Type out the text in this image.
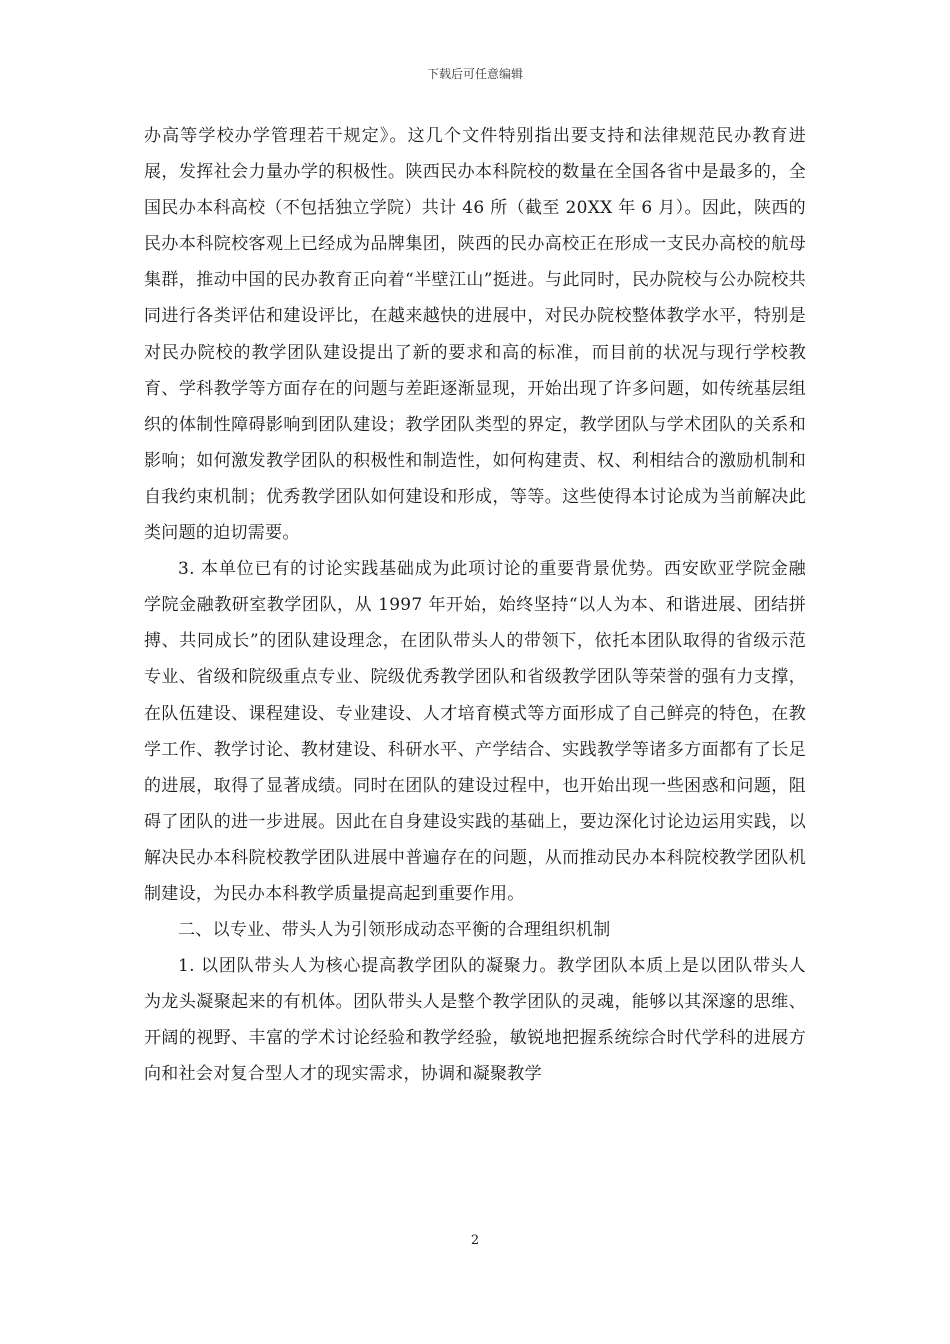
下载后可任意编辑

办高等学校办学管理若干规定》。这几个文件特别指出要支持和法律规范民办教育进展，发挥社会力量办学的积极性。陕西民办本科院校的数量在全国各省中是最多的，全国民办本科高校（不包括独立学院）共计 46 所（截至 20XX 年 6 月）。因此，陕西的民办本科院校客观上已经成为品牌集团，陕西的民办高校正在形成一支民办高校的航母集群，推动中国的民办教育正向着“半壁江山”挺进。与此同时，民办院校与公办院校共同进行各类评估和建设评比，在越来越快的进展中，对民办院校整体教学水平，特别是对民办院校的教学团队建设提出了新的要求和高的标准，而目前的状况与现行学校教育、学科教学等方面存在的问题与差距逐渐显现，开始出现了许多问题，如传统基层组织的体制性障碍影响到团队建设；教学团队类型的界定，教学团队与学术团队的关系和影响；如何激发教学团队的积极性和制造性，如何构建责、权、利相结合的激励机制和自我约束机制；优秀教学团队如何建设和形成，等等。这些使得本讨论成为当前解决此类问题的迫切需要。

3. 本单位已有的讨论实践基础成为此项讨论的重要背景优势。西安欧亚学院金融学院金融教研室教学团队，从 1997 年开始，始终坚持“以人为本、和谐进展、团结拼搏、共同成长”的团队建设理念，在团队带头人的带领下，依托本团队取得的省级示范专业、省级和院级重点专业、院级优秀教学团队和省级教学团队等荣誉的强有力支撑，在队伍建设、课程建设、专业建设、人才培育模式等方面形成了自己鲜亮的特色，在教学工作、教学讨论、教材建设、科研水平、产学结合、实践教学等诸多方面都有了长足的进展，取得了显著成绩。同时在团队的建设过程中，也开始出现一些困惑和问题，阻碍了团队的进一步进展。因此在自身建设实践的基础上，要边深化讨论边运用实践，以解决民办本科院校教学团队进展中普遍存在的问题，从而推动民办本科院校教学团队机制建设，为民办本科教学质量提高起到重要作用。

二、以专业、带头人为引领形成动态平衡的合理组织机制

1. 以团队带头人为核心提高教学团队的凝聚力。教学团队本质上是以团队带头人为龙头凝聚起来的有机体。团队带头人是整个教学团队的灵魂，能够以其深邃的思维、开阔的视野、丰富的学术讨论经验和教学经验，敏锐地把握系统综合时代学科的进展方向和社会对复合型人才的现实需求，协调和凝聚教学

2
